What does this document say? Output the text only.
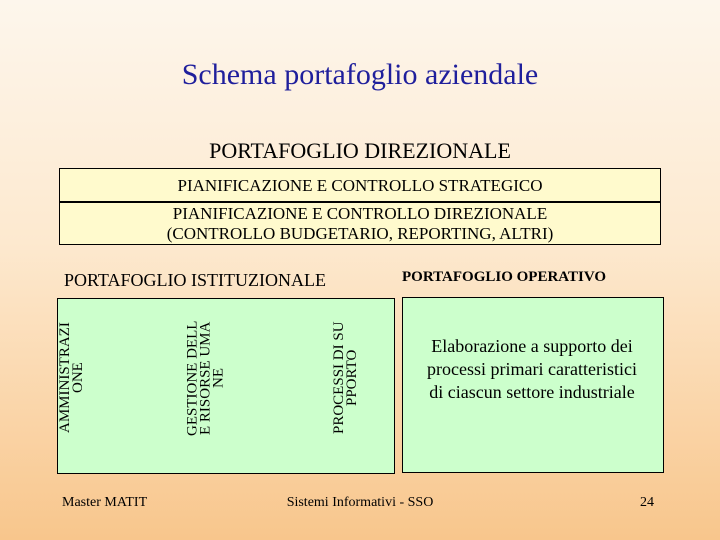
Schema portafoglio aziendale
PORTAFOGLIO DIREZIONALE
PIANIFICAZIONE E CONTROLLO STRATEGICO
PIANIFICAZIONE E CONTROLLO DIREZIONALE
(CONTROLLO BUDGETARIO, REPORTING, ALTRI)
PORTAFOGLIO ISTITUZIONALE	PORTAFOGLIO OPERATIVO
AMMINISTRAZIONE	GESTIONE DELLE RISORSE UMANE	PROCESSI DI SUPPORTO
Elaborazione a supporto dei
processi primari caratteristici
di ciascun settore industriale
Master MATIT	Sistemi Informativi - SSO	24
